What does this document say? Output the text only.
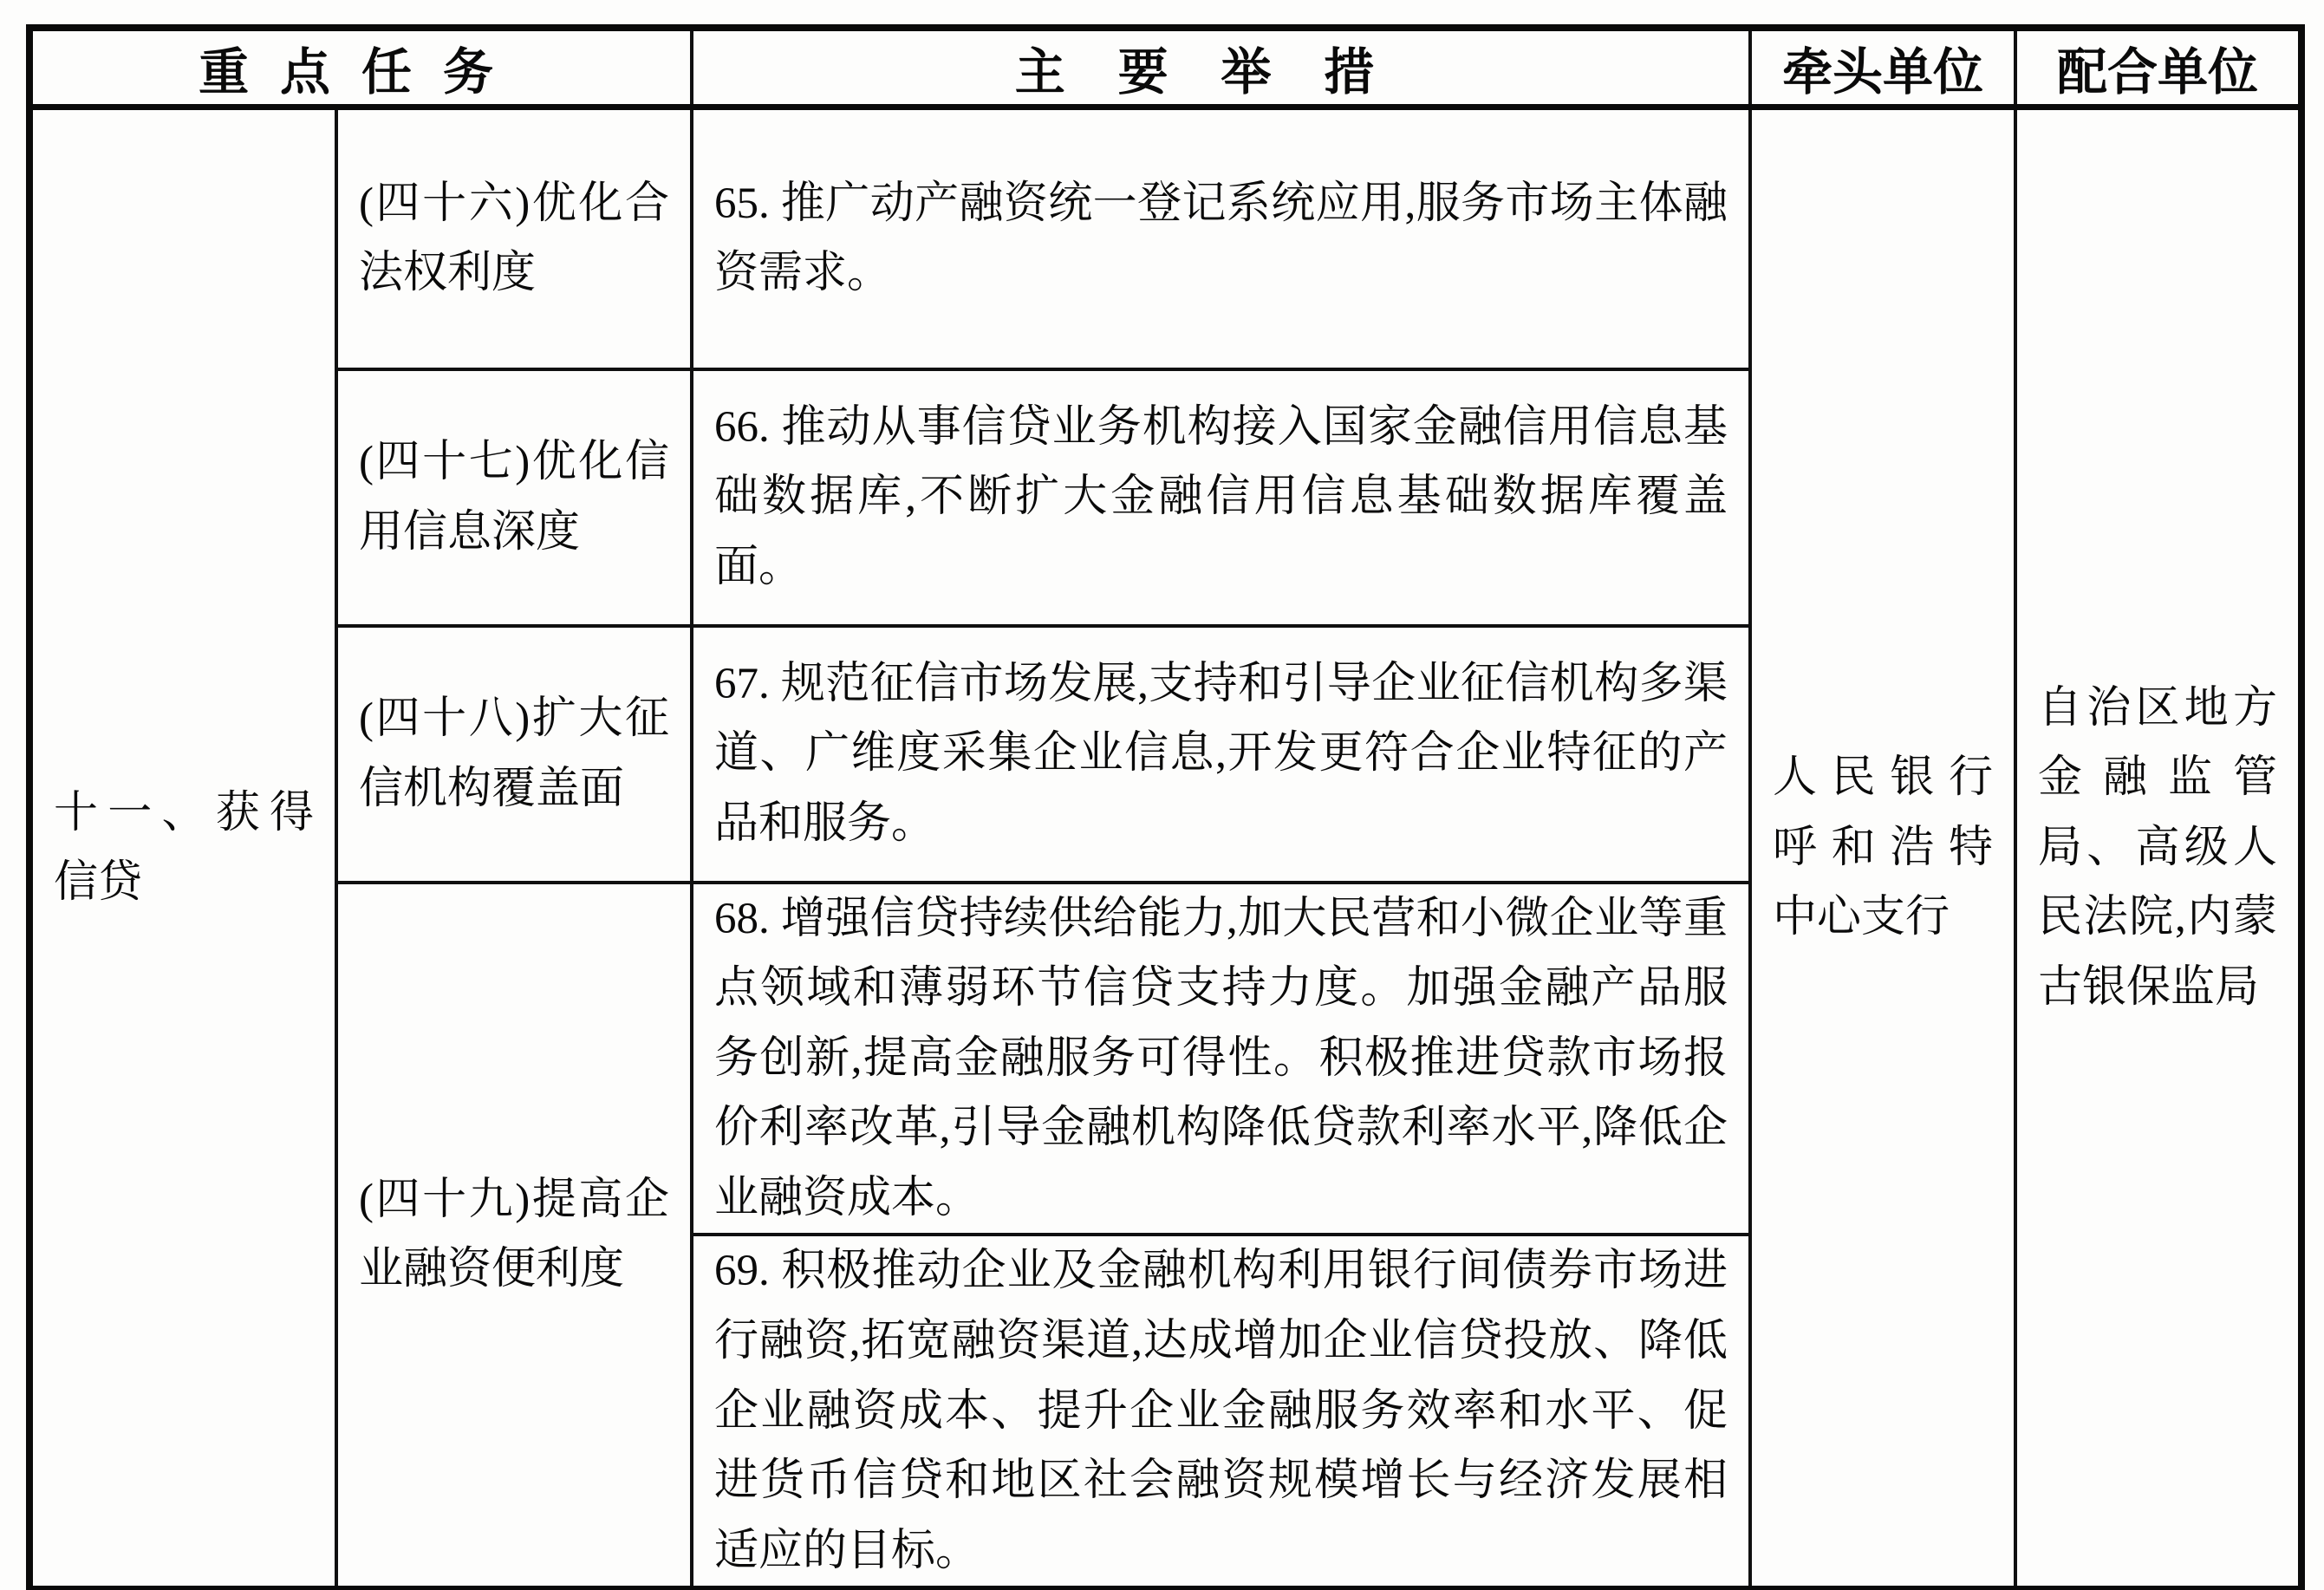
重点任务		主要举措	牵头单位	配合单位
十一、获得信贷	(四十六)优化合法权利度	65. 推广动产融资统一登记系统应用,服务市场主体融资需求。	人民银行呼和浩特中心支行	自治区地方金融监管局、高级人民法院,内蒙古银保监局
	(四十七)优化信用信息深度	66. 推动从事信贷业务机构接入国家金融信用信息基础数据库,不断扩大金融信用信息基础数据库覆盖面。		
	(四十八)扩大征信机构覆盖面	67. 规范征信市场发展,支持和引导企业征信机构多渠道、广维度采集企业信息,开发更符合企业特征的产品和服务。		
	(四十九)提高企业融资便利度	68. 增强信贷持续供给能力,加大民营和小微企业等重点领域和薄弱环节信贷支持力度。加强金融产品服务创新,提高金融服务可得性。积极推进贷款市场报价利率改革,引导金融机构降低贷款利率水平,降低企业融资成本。		
		69. 积极推动企业及金融机构利用银行间债券市场进行融资,拓宽融资渠道,达成增加企业信贷投放、降低企业融资成本、提升企业金融服务效率和水平、促进货币信贷和地区社会融资规模增长与经济发展相适应的目标。		
